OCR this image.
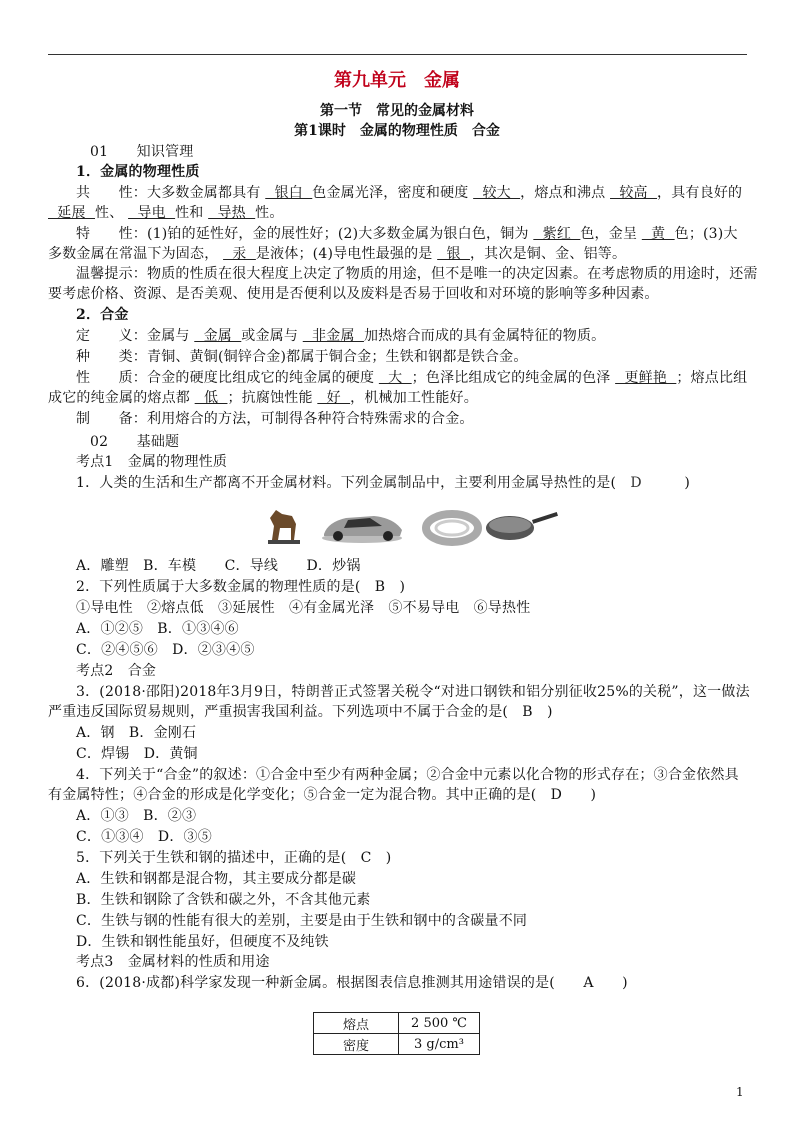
第九单元　金属
第一节　常见的金属材料
第1课时　金属的物理性质　合金
01　　 知识管理
1．金属的物理性质
共　　性：大多数金属都具有   银白  色金属光泽，密度和硬度   较大  ，熔点和沸点   较高  ，具有良好的
延展  性、   导电  性和   导热  性。
特　　性：(1)铂的延性好，金的展性好；(2)大多数金属为银白色，铜为   紫红  色，金呈   黄  色；(3)大
多数金属在常温下为固态，   汞  是液体；(4)导电性最强的是   银  ，其次是铜、金、铝等。
温馨提示：物质的性质在很大程度上决定了物质的用途，但不是唯一的决定因素。在考虑物质的用途时，还需
要考虑价格、资源、是否美观、使用是否便利以及废料是否易于回收和对环境的影响等多种因素。
2．合金
定　　义：金属与   金属  或金属与   非金属  加热熔合而成的具有金属特征的物质。
种　　类：青铜、黄铜(铜锌合金)都属于铜合金；生铁和钢都是铁合金。
性　　质：合金的硬度比组成它的纯金属的硬度   大  ；色泽比组成它的纯金属的色泽   更鲜艳  ；熔点比组
成它的纯金属的熔点都   低  ；抗腐蚀性能   好  ，机械加工性能好。
制　　备：利用熔合的方法，可制得各种符合特殊需求的合金。
02　　 基础题
考点1　金属的物理性质
1．人类的生活和生产都离不开金属材料。下列金属制品中，主要利用金属导热性的是(　 D　　　	)
A．雕塑　B．车模　　C．导线　　D．炒锅
2．下列性质属于大多数金属的物理性质的是(　 B　 )
①导电性　②熔点低　③延展性　④有金属光泽　⑤不易导电　⑥导热性
A．①②⑤　B．①③④⑥
C．②④⑤⑥　D．②③④⑤
考点2　合金
3．(2018·邵阳)2018年3月9日，特朗普正式签署关税令“对进口钢铁和铝分别征收25%的关税”，这一做法
严重违反国际贸易规则，严重损害我国利益。下列选项中不属于合金的是(　 B　 )
A．钢　B．金刚石
C．焊锡　D．黄铜
4．下列关于“合金”的叙述：①合金中至少有两种金属；②合金中元素以化合物的形式存在；③合金依然具
有金属特性；④合金的形成是化学变化；⑤合金一定为混合物。其中正确的是(　 D　　 )
A．①③　B．②③
C．①③④　D．③⑤
5．下列关于生铁和钢的描述中，正确的是(　 C　 )
A．生铁和钢都是混合物，其主要成分都是碳
B．生铁和钢除了含铁和碳之外，不含其他元素
C．生铁与钢的性能有很大的差别，主要是由于生铁和钢中的含碳量不同
D．生铁和钢性能虽好，但硬度不及纯铁
考点3　金属材料的性质和用途
6．(2018·成都)科学家发现一种新金属。根据图表信息推测其用途错误的是(　　 A　　 )
熔点	2 500 ℃
密度	3 g/cm³
1
